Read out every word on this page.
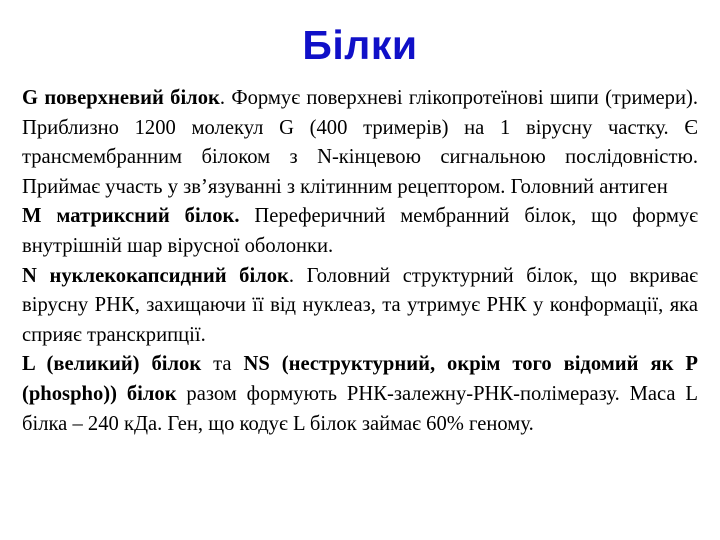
Білки

G поверхневий білок. Формує поверхневі глікопротеїнові шипи (тримери). Приблизно 1200 молекул G (400 тримерів) на 1 вірусну частку. Є трансмембранним білоком з N-кінцевою сигнальною послідовністю. Приймає участь у зв’язуванні з клітинним рецептором. Головний антиген

М матриксний білок. Переферичний мембранний білок, що формує внутрішній шар вірусної оболонки.

N нуклекокапсидний білок. Головний структурний білок, що вкриває вірусну РНК, захищаючи її від нуклеаз, та утримує РНК у конформації, яка сприяє транскрипції.

L (великий) білок та NS (неструктурний, окрім того відомий як P (phospho)) білок разом формують РНК-залежну-РНК-полімеразу. Маса L білка – 240 кДа. Ген, що кодує L білок займає 60% геному.
